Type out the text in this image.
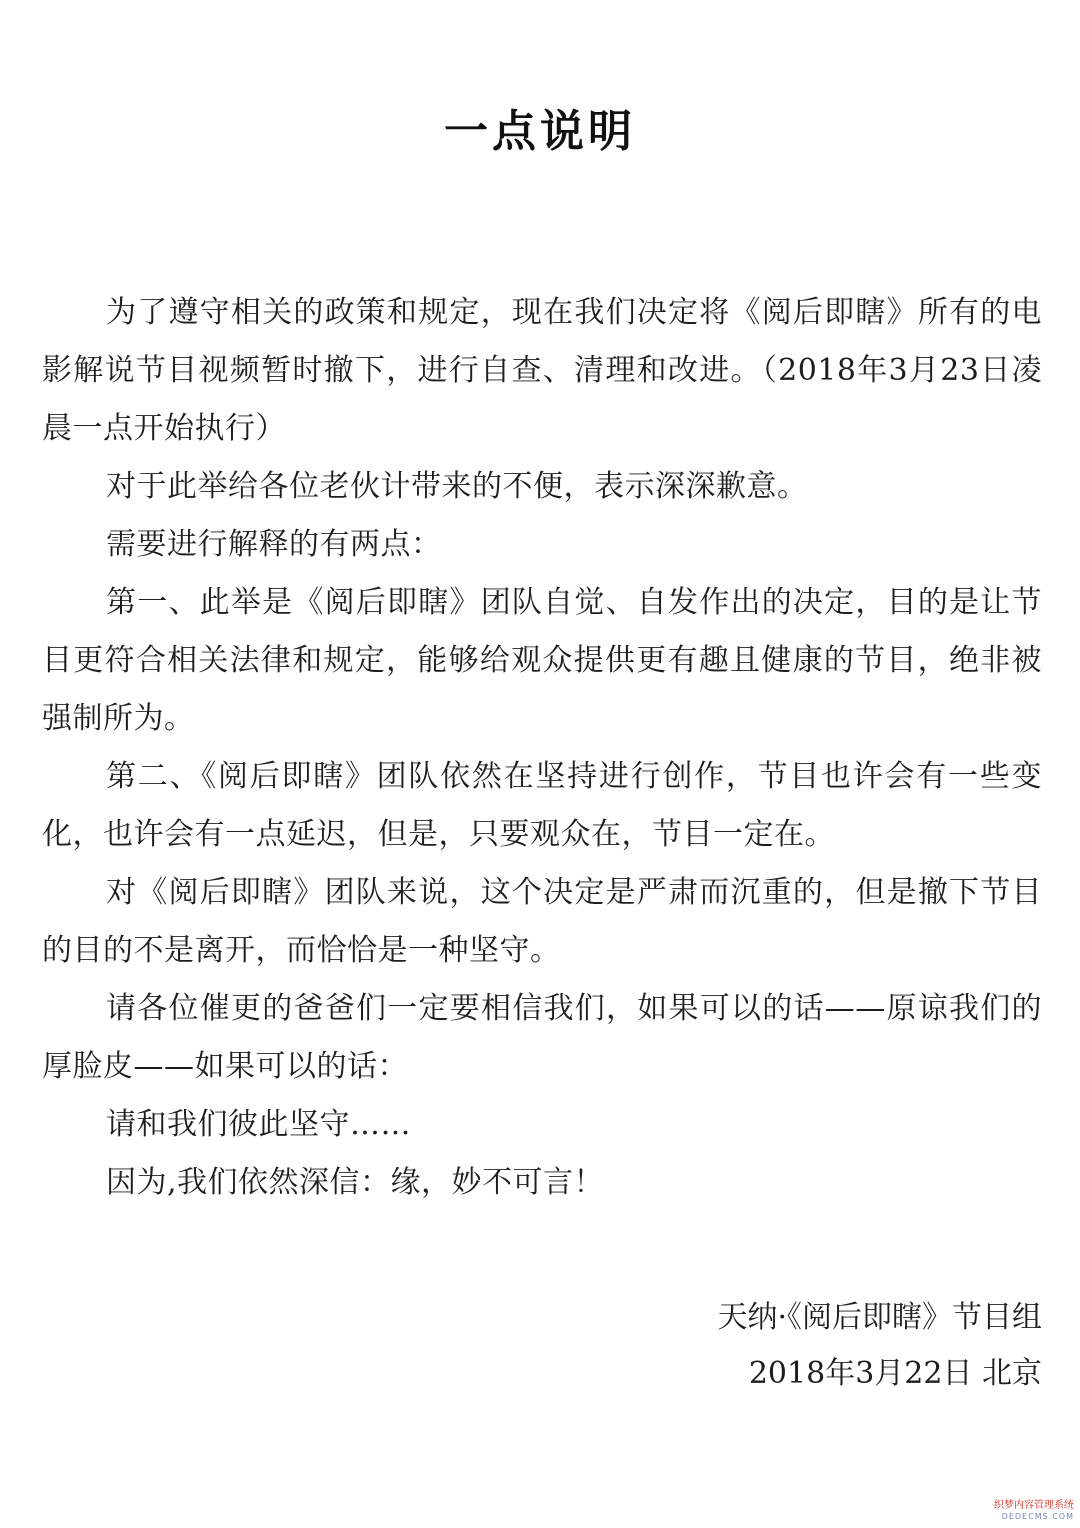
一点说明

为了遵守相关的政策和规定，现在我们决定将《阅后即瞎》所有的电影解说节目视频暂时撤下，进行自查、清理和改进。（2018年3月23日凌晨一点开始执行）

对于此举给各位老伙计带来的不便，表示深深歉意。

需要进行解释的有两点：

第一、此举是《阅后即瞎》团队自觉、自发作出的决定，目的是让节目更符合相关法律和规定，能够给观众提供更有趣且健康的节目，绝非被强制所为。

第二、《阅后即瞎》团队依然在坚持进行创作，节目也许会有一些变化，也许会有一点延迟，但是，只要观众在，节目一定在。

对《阅后即瞎》团队来说，这个决定是严肃而沉重的，但是撤下节目的目的不是离开，而恰恰是一种坚守。

请各位催更的爸爸们一定要相信我们，如果可以的话——原谅我们的厚脸皮——如果可以的话：

请和我们彼此坚守……

因为,我们依然深信：缘，妙不可言！

天纳·《阅后即瞎》节目组

2018年3月22日 北京

织梦内容管理系统
DEDECMS.COM
